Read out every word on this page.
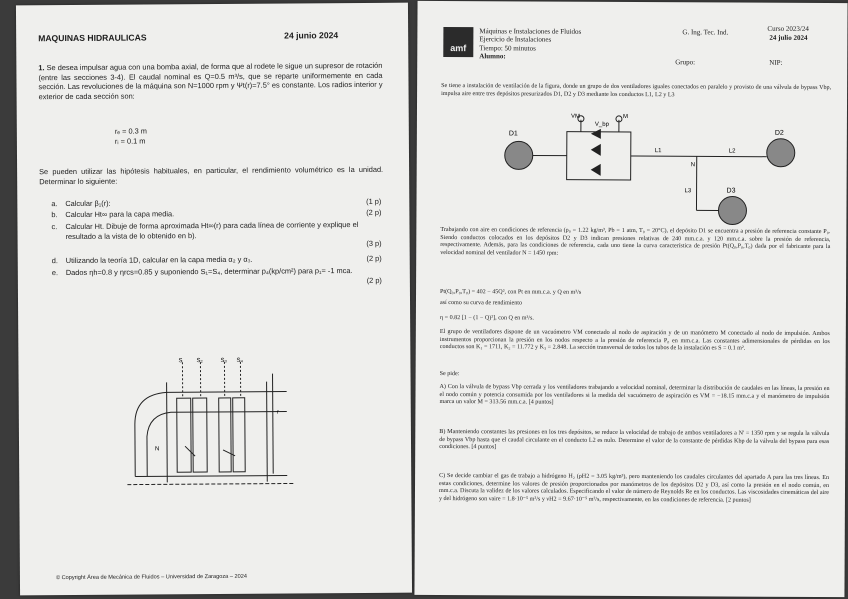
MAQUINAS HIDRAULICAS	24 junio 2024
1. Se desea impulsar agua con una bomba axial, de forma que al rodete le sigue un supresor de rotación (entre las secciones 3-4). El caudal nominal es Q=0.5 m³/s, que se reparte uniformemente en cada sección. Las revoluciones de la máquina son N=1000 rpm y Ψt(r)=7.5° es constante. Los radios interior y exterior de cada sección son:
rₑ = 0.3 m
rᵢ = 0.1 m
Se pueden utilizar las hipótesis habituales, en particular, el rendimiento volumétrico es la unidad. Determinar lo siguiente:
a. Calcular β₁(r):	(1 p)
b. Calcular Ht∞ para la capa media.	(2 p)
c. Calcular Ht. Dibuje de forma aproximada Ht∞(r) para cada línea de corriente y explique el resultado a la vista de lo obtenido en b).
(3 p)
d. Utilizando la teoría 1D, calcular en la capa media α₂ y α₃.	(2 p)
e. Dados ηh=0.8 y ηrcs=0.85 y suponiendo S₁=S₄, determinar p₄(kp/cm²) para p₁= -1 mca.
(2 p)
S S₂	S₃ S₄
N
r
© Copyright Área de Mecánica de Fluidos – Universidad de Zaragoza – 2024
amf
Máquinas e Instalaciones de Fluidos
Ejercicio de Instalaciones
Tiempo: 50 minutos
Alumno:
G. Ing. Tec. Ind.	Curso 2023/24
24 julio 2024
Grupo:	NIP:
Se tiene a instalación de ventilación de la figura, donde un grupo de dos ventiladores iguales conectados en paralelo y provisto de una válvula de bypass Vbp, impulsa aire entre tres depósitos presurizados D1, D2 y D3 mediante los conductos L1, L2 y L3
D1	D2
D3
VM
V_bp
M
N
L1	L2
L3
Trabajando con aire en condiciones de referencia (ρ₀ = 1.22 kg/m³, Pb = 1 atm, T₀ = 20°C), el depósito D1 se encuentra a presión de referencia constante P₀. Siendo conductos colocados en los depósitos D2 y D3 indican presiones relativas de 240 mm.c.a. y 120 mm.c.a. sobre la presión de referencia, respectivamente. Además, para las condiciones de referencia, cada uno tiene la curva característica de presión Pt(Q₀,P₀,T₀) dada por el fabricante para la velocidad nominal del ventilador N = 1450 rpm:
Pt(Q₀,P₀,T₀) = 402 − 45Q², con Pt en mm.c.a. y Q en m³/s
así como su curva de rendimiento
η = 0.82 [1 − (1 − Q)²], con Q en m³/s.
El grupo de ventiladores dispone de un vacuómetro VM conectado al nodo de aspiración y de un manómetro M conectado al nodo de impulsión. Ambos instrumentos proporcionan la presión en los nodos respecto a la presión de referencia P₀ en mm.c.a. Las constantes adimensionales de pérdidas en los conductos son K₁ = 1711, K₂ = 11.772 y K₃ = 2.848. La sección transversal de todos los tubos de la instalación es S = 0.1 m².
Se pide:
A) Con la válvula de bypass Vbp cerrada y los ventiladores trabajando a velocidad nominal, determinar la distribución de caudales en las líneas, la presión en el nodo común y potencia consumida por los ventiladores si la medida del vacuómetro de aspiración es VM = −18.15 mm.c.a y el manómetro de impulsión marca un valor M = 313.56 mm.c.a. [4 puntos]
B) Manteniendo constantes las presiones en los tres depósitos, se reduce la velocidad de trabajo de ambos ventiladores a N' = 1350 rpm y se regula la válvula de bypass Vbp hasta que el caudal circulante en el conducto L2 es nulo. Determine el valor de la constante de pérdidas Kbp de la válvula del bypass para esas condiciones. [4 puntos]
C) Se decide cambiar el gas de trabajo a hidrógeno H₂ (ρH2 = 3.05 kg/m³), pero manteniendo los caudales circulantes del apartado A para las tres líneas. En estas condiciones, determine los valores de presión proporcionados por manómetros de los depósitos D2 y D3, así como la presión en el nodo común, en mm.c.a. Discuta la validez de los valores calculados. Especificando el valor de número de Reynolds Re en los conductos. Las viscosidades cinemáticas del aire y del hidrógeno son νaire = 1.8·10⁻⁵ m²/s y νH2 = 9.67·10⁻⁵ m²/s, respectivamente, en las condiciones de referencia. [2 puntos]
